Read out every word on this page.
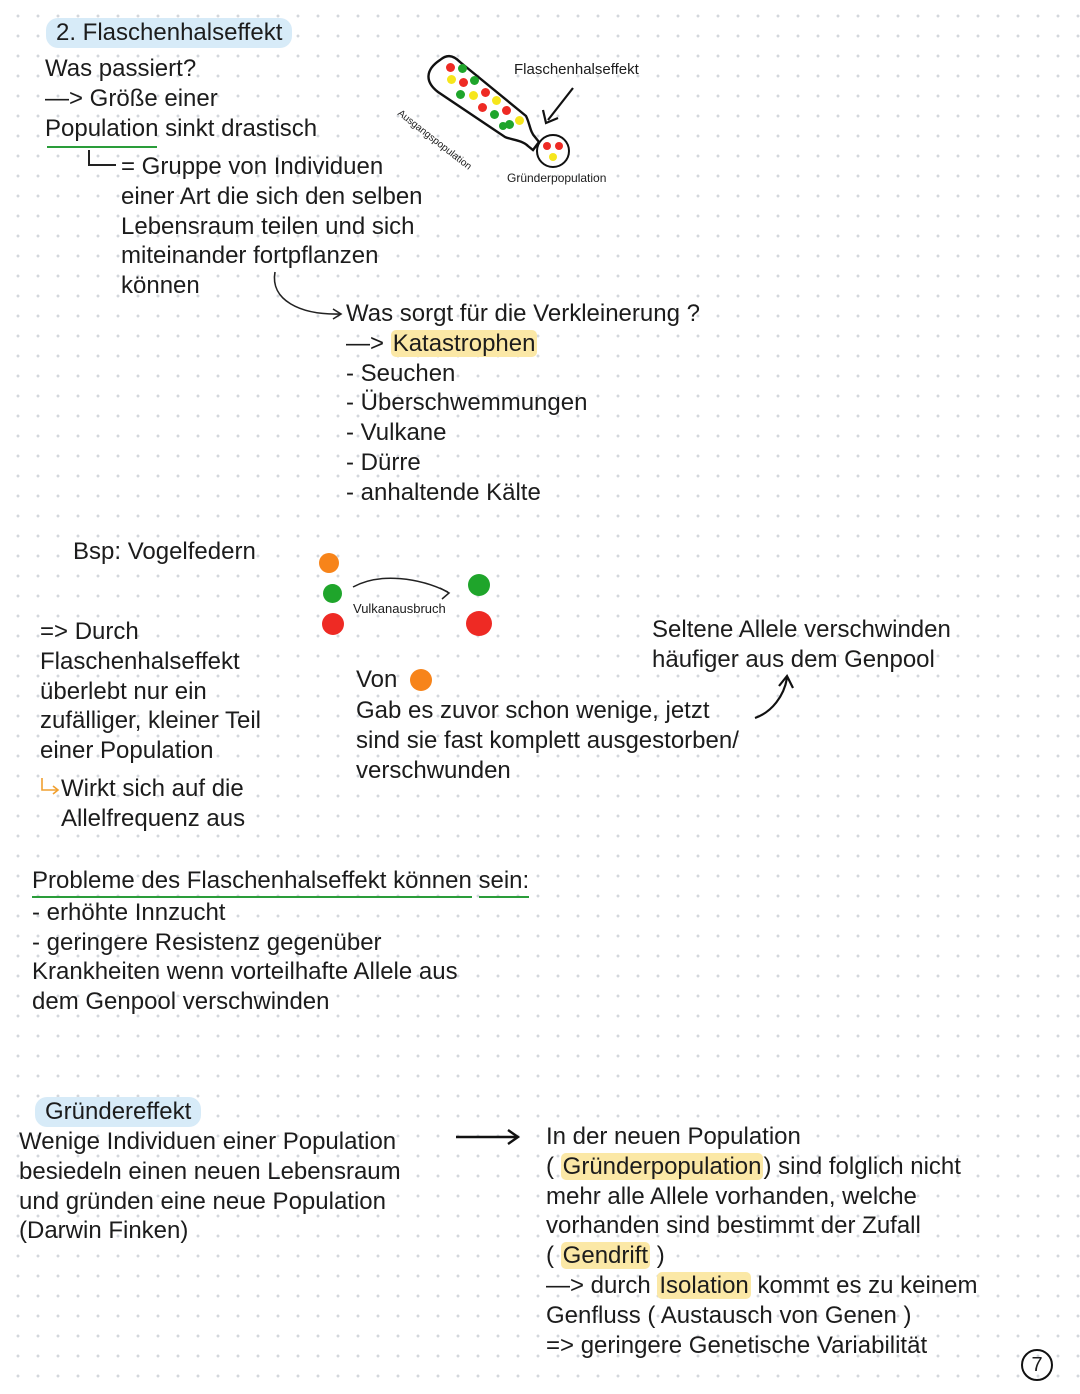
2. Flaschenhalseffekt
Was passiert?
—> Größe einer
Population sinkt drastisch
= Gruppe von Individuen
einer Art die sich den selben
Lebensraum teilen und sich
miteinander fortpflanzen
können
Flaschenhalseffekt
Ausgangspopulation
Gründerpopulation
Was sorgt für die Verkleinerung ?
—> Katastrophen
- Seuchen
- Überschwemmungen
- Vulkane
- Dürre
- anhaltende Kälte
Bsp: Vogelfedern
Vulkanausbruch
=> Durch
Flaschenhalseffekt
überlebt nur ein
zufälliger, kleiner Teil
einer Population
Wirkt sich auf die
Allelfrequenz aus
Von
Gab es zuvor schon wenige, jetzt
sind sie fast komplett ausgestorben/
verschwunden
Seltene Allele verschwinden
häufiger aus dem Genpool
Probleme des Flaschenhalseffekt können sein:
- erhöhte Innzucht
- geringere Resistenz gegenüber
Krankheiten wenn vorteilhafte Allele aus
dem Genpool verschwinden
Gründereffekt
Wenige Individuen einer Population
besiedeln einen neuen Lebensraum
und gründen eine neue Population
(Darwin Finken)
In der neuen Population
( Gründerpopulation) sind folglich nicht
mehr alle Allele vorhanden, welche
vorhanden sind bestimmt der Zufall
( Gendrift )
—> durch Isolation kommt es zu keinem
Genfluss ( Austausch von Genen )
=> geringere Genetische Variabilität
7
